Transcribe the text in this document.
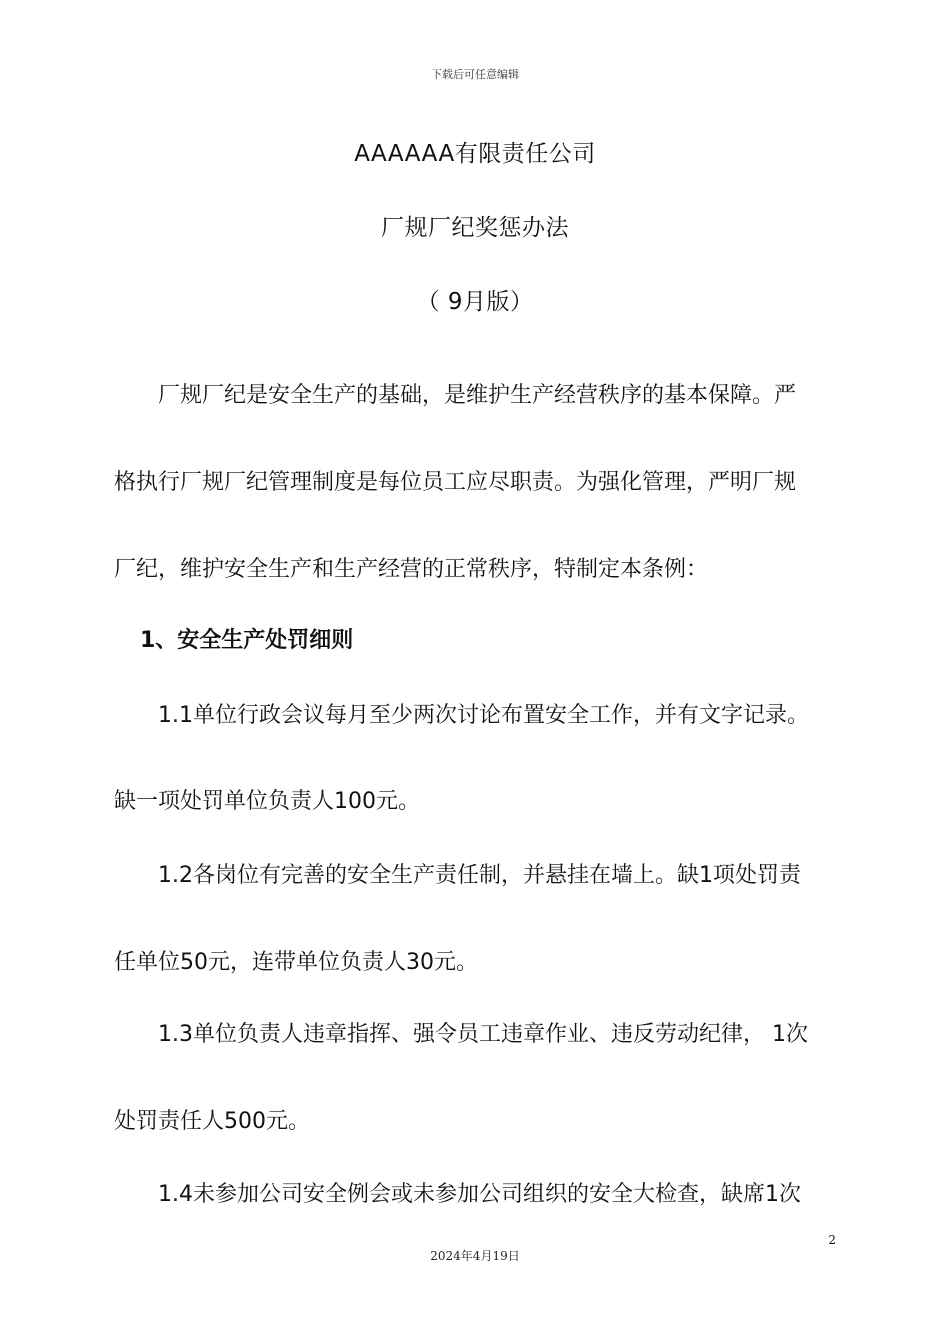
下载后可任意编辑
AAAAAA有限责任公司
厂规厂纪奖惩办法
（ 9月版）
厂规厂纪是安全生产的基础，是维护生产经营秩序的基本保障。严
格执行厂规厂纪管理制度是每位员工应尽职责。为强化管理，严明厂规
厂纪，维护安全生产和生产经营的正常秩序，特制定本条例：
1、安全生产处罚细则
1.1单位行政会议每月至少两次讨论布置安全工作，并有文字记录。
缺一项处罚单位负责人100元。
1.2各岗位有完善的安全生产责任制，并悬挂在墙上。缺1项处罚责
任单位50元，连带单位负责人30元。
1.3单位负责人违章指挥、强令员工违章作业、违反劳动纪律， 1次
处罚责任人500元。
1.4未参加公司安全例会或未参加公司组织的安全大检查，缺席1次
2
2024年4月19日
